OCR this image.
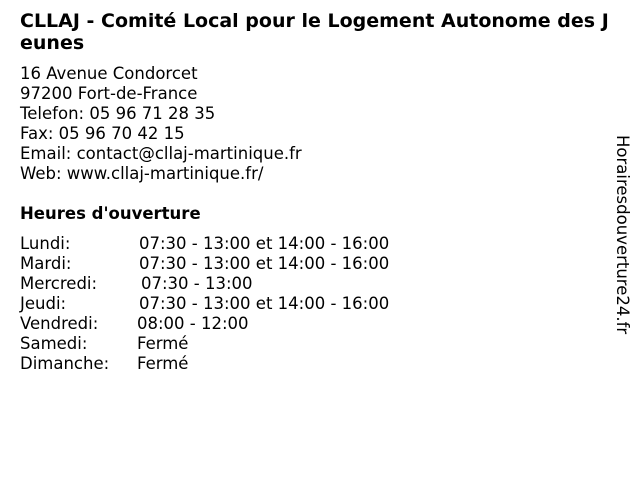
CLLAJ - Comité Local pour le Logement Autonome des Jeunes
16 Avenue Condorcet
97200 Fort-de-France
Telefon: 05 96 71 28 35
Fax: 05 96 70 42 15
Email: contact@cllaj-martinique.fr
Web: www.cllaj-martinique.fr/
Heures d'ouverture
Lundi:	07:30 - 13:00 et 14:00 - 16:00
Mardi:	07:30 - 13:00 et 14:00 - 16:00
Mercredi:	07:30 - 13:00
Jeudi:	07:30 - 13:00 et 14:00 - 16:00
Vendredi: 08:00 - 12:00
Samedi:	Fermé
Dimanche: Fermé
Horairesdouverture24.fr
